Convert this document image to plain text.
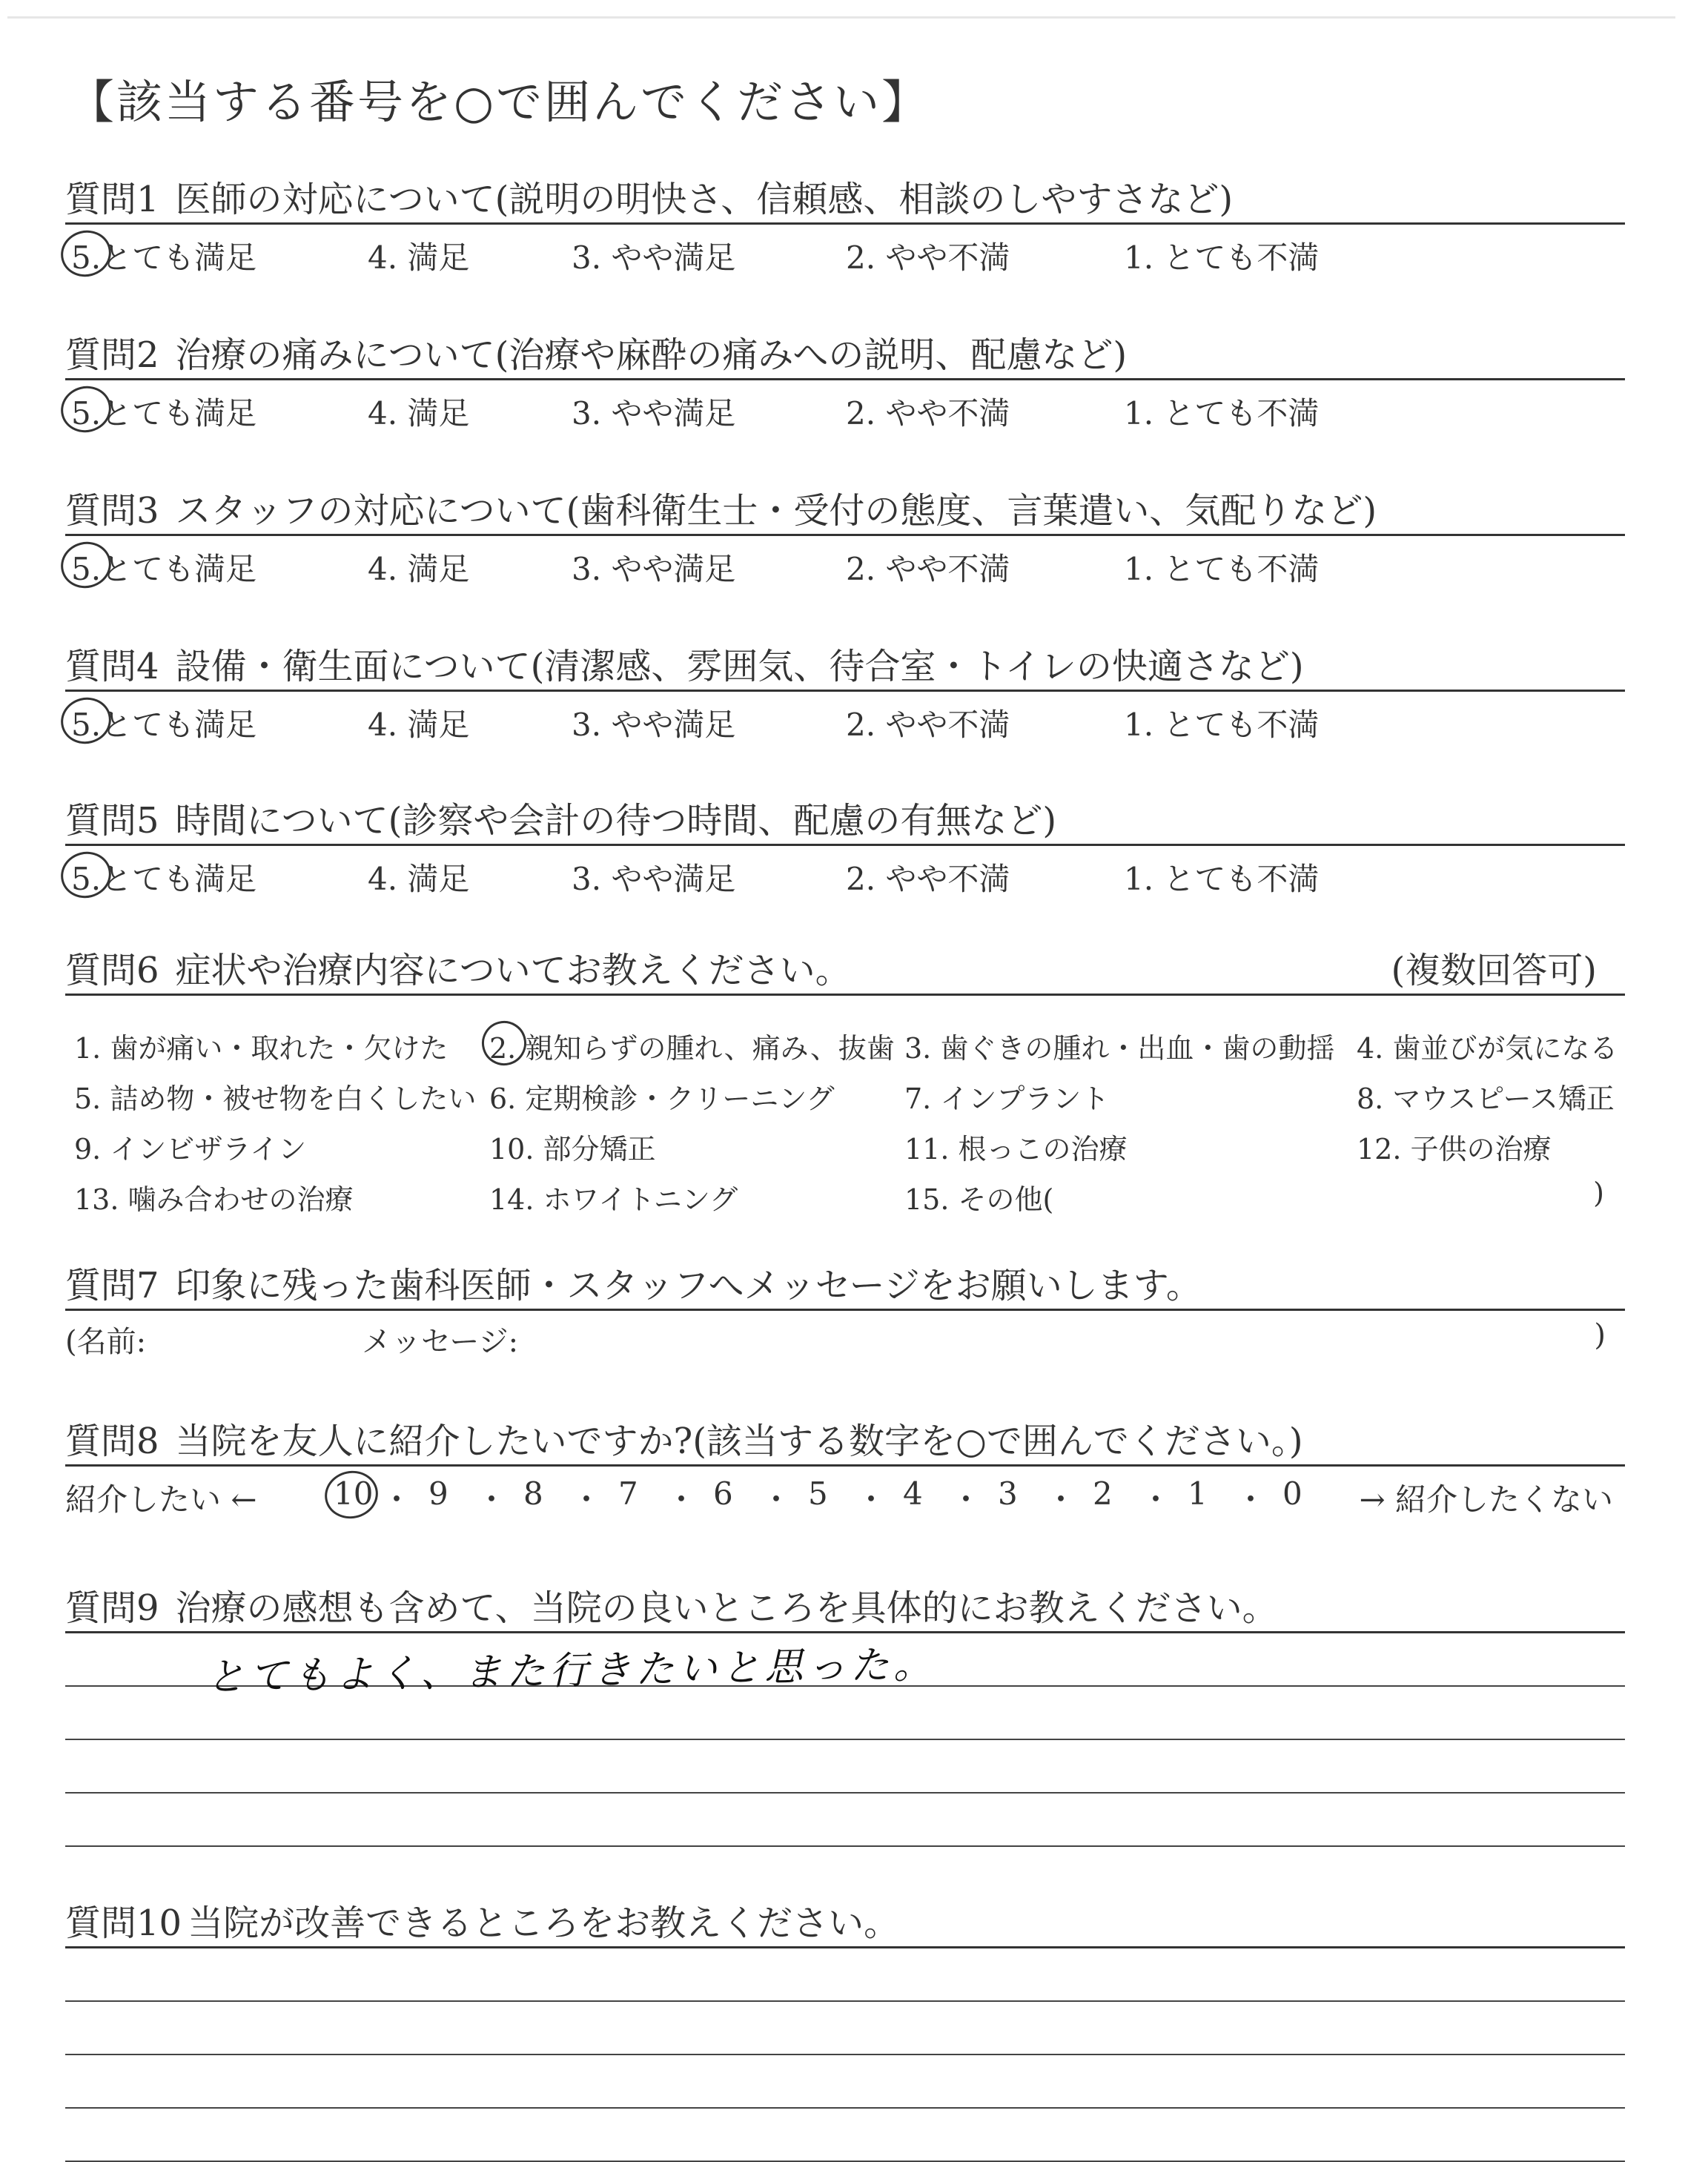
【該当する番号を○で囲んでください】
質問1 医師の対応について(説明の明快さ、信頼感、相談のしやすさなど)
5.とても満足	4. 満足	3. やや満足	2. やや不満	1. とても不満
質問2 治療の痛みについて(治療や麻酔の痛みへの説明、配慮など)
5.とても満足	4. 満足	3. やや満足	2. やや不満	1. とても不満
質問3 スタッフの対応について(歯科衛生士・受付の態度、言葉遣い、気配りなど)
5.とても満足	4. 満足	3. やや満足	2. やや不満	1. とても不満
質問4 設備・衛生面について(清潔感、雰囲気、待合室・トイレの快適さなど)
5.とても満足	4. 満足	3. やや満足	2. やや不満	1. とても不満
質問5 時間について(診察や会計の待つ時間、配慮の有無など)
5.とても満足	4. 満足	3. やや満足	2. やや不満	1. とても不満
質問6 症状や治療内容についてお教えください。	(複数回答可)
1. 歯が痛い・取れた・欠けた 2. 親知らずの腫れ、痛み、抜歯 3. 歯ぐきの腫れ・出血・歯の動揺 4. 歯並びが気になる
5. 詰め物・被せ物を白くしたい 6. 定期検診・クリーニング 7. インプラント	8. マウスピース矯正
9. インビザライン	10. 部分矯正	11. 根っこの治療	12. 子供の治療
13. 噛み合わせの治療	14. ホワイトニング	15. その他(	)
質問7 印象に残った歯科医師・スタッフへメッセージをお願いします。
(名前:	メッセージ:	)
質問8 当院を友人に紹介したいですか?(該当する数字を○で囲んでください。)
紹介したい ←	→ 紹介したくない
10 ・ 9 ・ 8 ・ 7 ・ 6 ・ 5 ・ 4 ・ 3 ・ 2 ・ 1 ・ 0
質問9 治療の感想も含めて、当院の良いところを具体的にお教えください。
とてもよく、また行きたいと思った。
質問10 当院が改善できるところをお教えください。
